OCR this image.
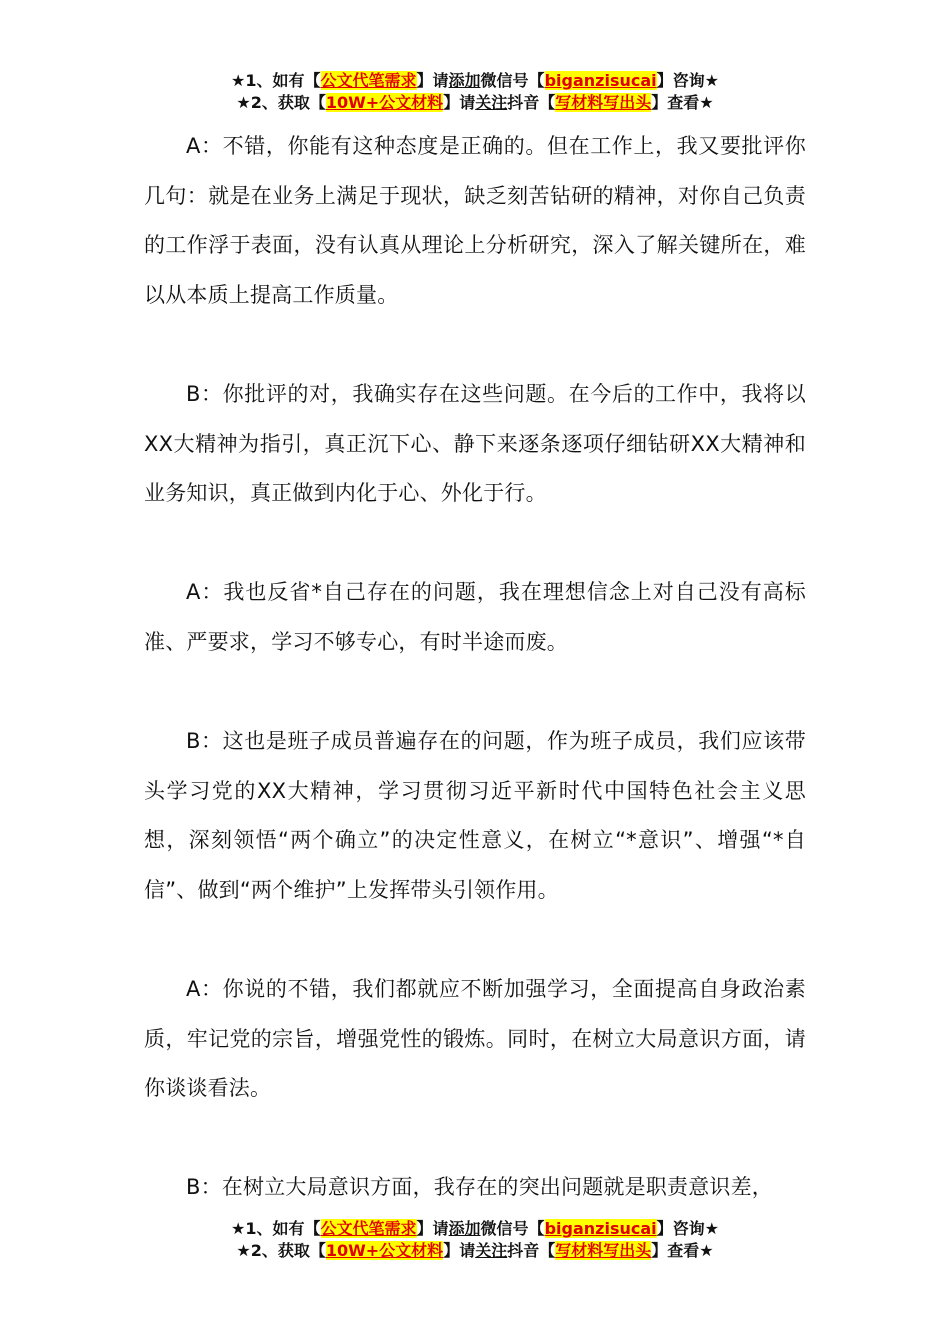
★1、如有【公文代笔需求】请添加微信号【biganzisucai】咨询★
★2、获取【10W+公文材料】请关注抖音【写材料写出头】查看★

A：不错，你能有这种态度是正确的。但在工作上，我又要批评你几句：就是在业务上满足于现状，缺乏刻苦钻研的精神，对你自己负责的工作浮于表面，没有认真从理论上分析研究，深入了解关键所在，难以从本质上提高工作质量。

B：你批评的对，我确实存在这些问题。在今后的工作中，我将以XX大精神为指引，真正沉下心、静下来逐条逐项仔细钻研XX大精神和业务知识，真正做到内化于心、外化于行。

A：我也反省*自己存在的问题，我在理想信念上对自己没有高标准、严要求，学习不够专心，有时半途而废。

B：这也是班子成员普遍存在的问题，作为班子成员，我们应该带头学习党的XX大精神，学习贯彻习近平新时代中国特色社会主义思想，深刻领悟“两个确立”的决定性意义，在树立“*意识”、增强“*自信”、做到“两个维护”上发挥带头引领作用。

A：你说的不错，我们都就应不断加强学习，全面提高自身政治素质，牢记党的宗旨，增强党性的锻炼。同时，在树立大局意识方面，请你谈谈看法。

B：在树立大局意识方面，我存在的突出问题就是职责意识差，

★1、如有【公文代笔需求】请添加微信号【biganzisucai】咨询★
★2、获取【10W+公文材料】请关注抖音【写材料写出头】查看★
